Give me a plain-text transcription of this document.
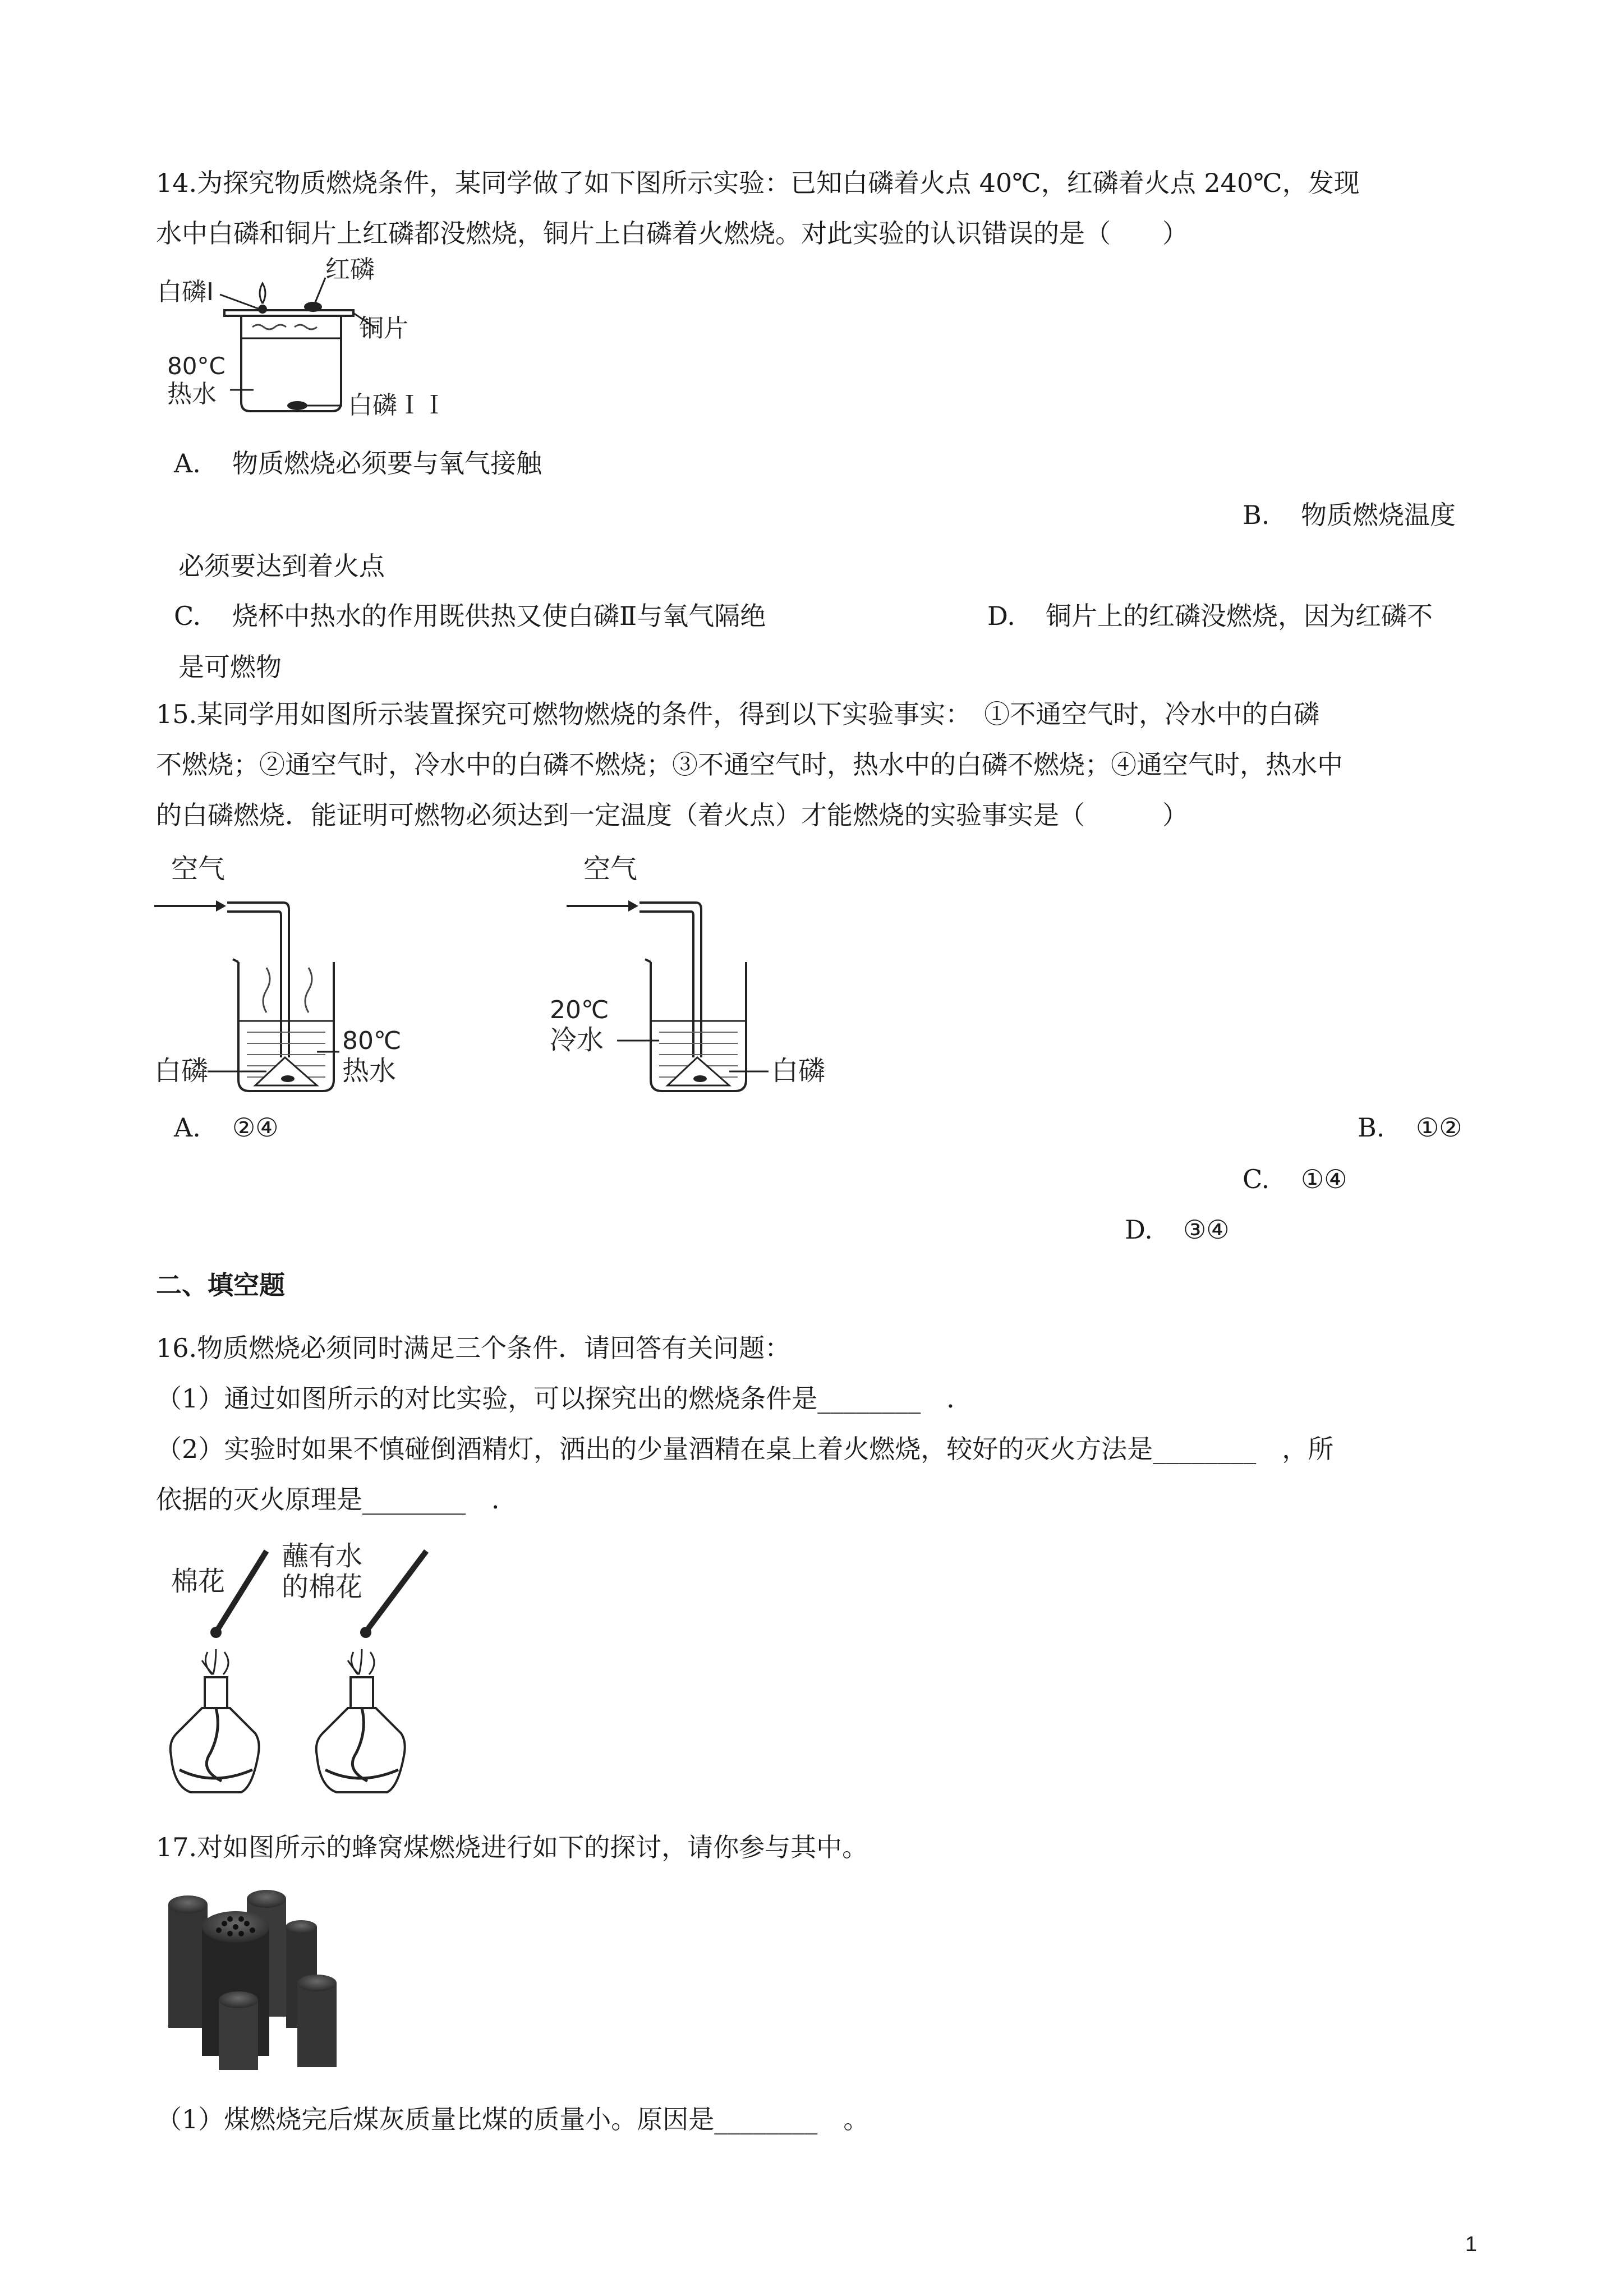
14.为探究物质燃烧条件，某同学做了如下图所示实验：已知白磷着火点 40℃，红磷着火点 240℃，发现
水中白磷和铜片上红磷都没燃烧，铜片上白磷着火燃烧。对此实验的认识错误的是（　　）
白磷Ⅰ
红磷
铜片
80°C
热水	白磷ＩＩ
A. 物质燃烧必须要与氧气接触
B. 物质燃烧温度
必须要达到着火点
C. 烧杯中热水的作用既供热又使白磷Ⅱ与氧气隔绝	D. 铜片上的红磷没燃烧，因为红磷不
是可燃物
15.某同学用如图所示装置探究可燃物燃烧的条件，得到以下实验事实：　①不通空气时，冷水中的白磷
不燃烧；②通空气时，冷水中的白磷不燃烧；③不通空气时，热水中的白磷不燃烧；④通空气时，热水中
的白磷燃烧．能证明可燃物必须达到一定温度（着火点）才能燃烧的实验事实是（　　　）
空气
白磷
80℃
热水
空气
20℃
冷水
白磷
A. ②④	B. ①②
C. ①④
D. ③④
二、填空题
16.物质燃烧必须同时满足三个条件．请回答有关问题：
（1）通过如图所示的对比实验，可以探究出的燃烧条件是________　．
（2）实验时如果不慎碰倒酒精灯，洒出的少量酒精在桌上着火燃烧，较好的灭火方法是________　，所
依据的灭火原理是________　．
棉花
蘸有水
的棉花
17.对如图所示的蜂窝煤燃烧进行如下的探讨，请你参与其中。
（1）煤燃烧完后煤灰质量比煤的质量小。原因是________　。
1
